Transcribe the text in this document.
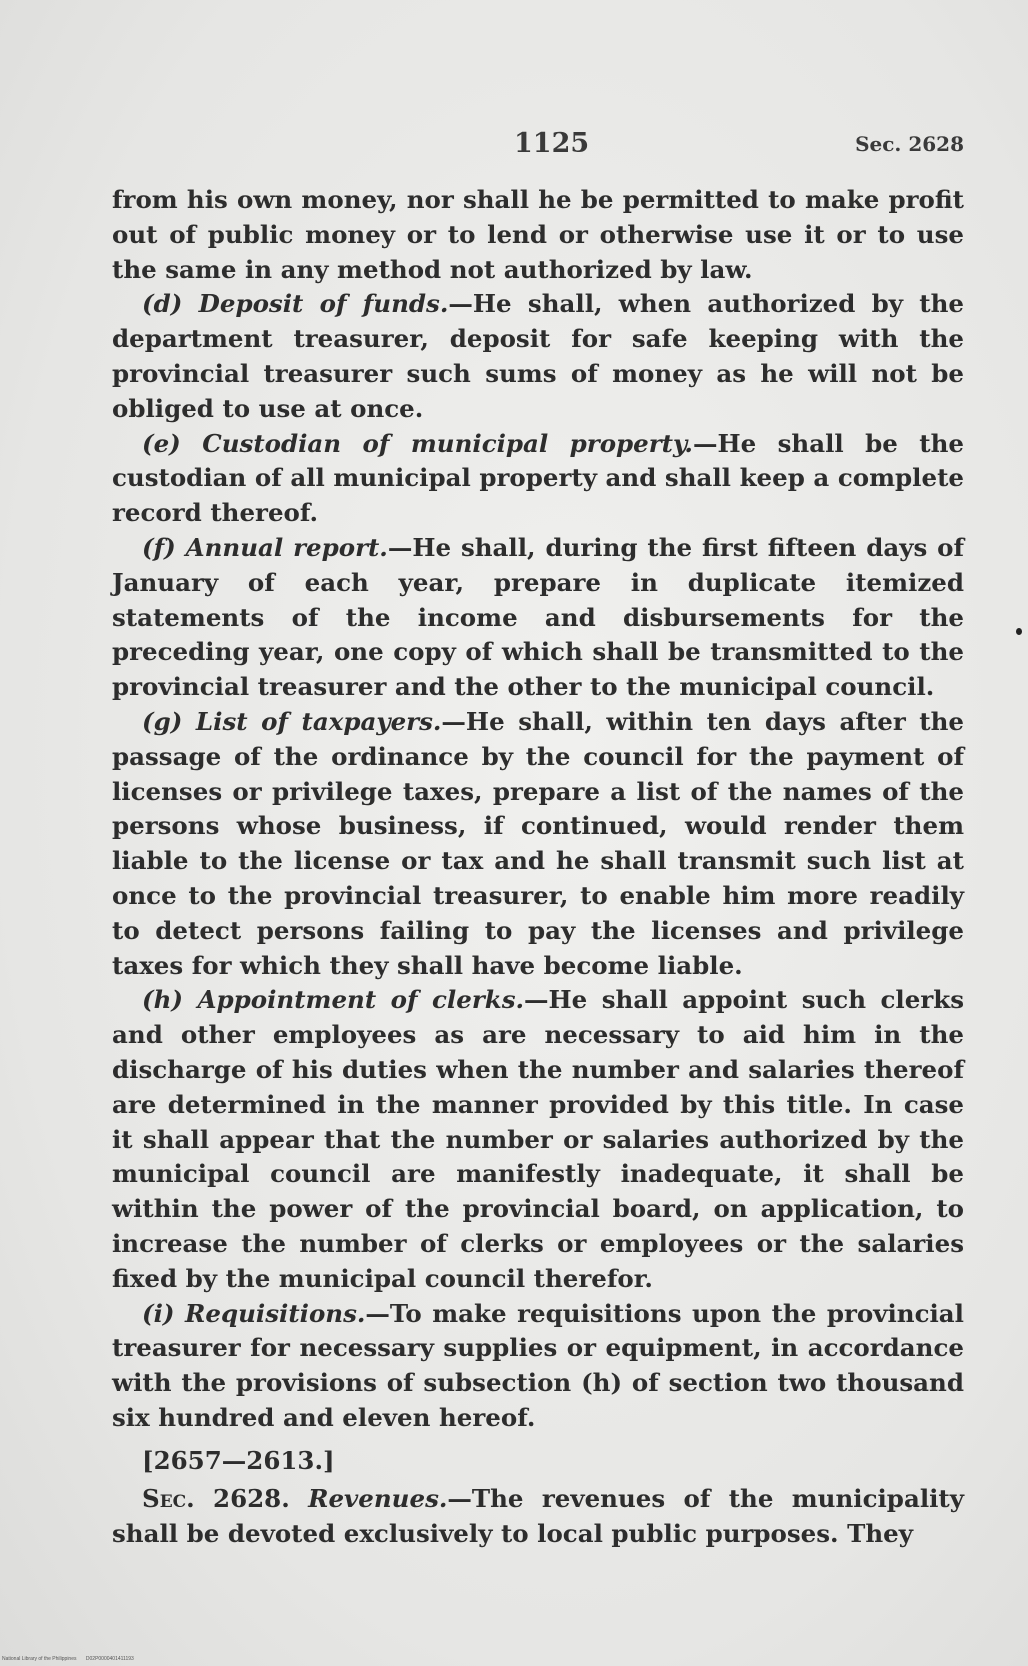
1125	Sec. 2628

from his own money, nor shall he be permitted to make profit out of public money or to lend or otherwise use it or to use the same in any method not authorized by law.

(d) Deposit of funds.—He shall, when authorized by the department treasurer, deposit for safe keeping with the provincial treasurer such sums of money as he will not be obliged to use at once.

(e) Custodian of municipal property.—He shall be the custodian of all municipal property and shall keep a complete record thereof.

(f) Annual report.—He shall, during the first fifteen days of January of each year, prepare in duplicate itemized statements of the income and disbursements for the preceding year, one copy of which shall be transmitted to the provincial treasurer and the other to the municipal council.

(g) List of taxpayers.—He shall, within ten days after the passage of the ordinance by the council for the payment of licenses or privilege taxes, prepare a list of the names of the persons whose business, if continued, would render them liable to the license or tax and he shall transmit such list at once to the provincial treasurer, to enable him more readily to detect persons failing to pay the licenses and privilege taxes for which they shall have become liable.

(h) Appointment of clerks.—He shall appoint such clerks and other employees as are necessary to aid him in the discharge of his duties when the number and salaries thereof are determined in the manner provided by this title. In case it shall appear that the number or salaries authorized by the municipal council are manifestly inadequate, it shall be within the power of the provincial board, on application, to increase the number of clerks or employees or the salaries fixed by the municipal council therefor.

(i) Requisitions.—To make requisitions upon the provincial treasurer for necessary supplies or equipment, in accordance with the provisions of subsection (h) of section two thousand six hundred and eleven hereof.

[2657—2613.]

Sec. 2628. Revenues.—The revenues of the municipality shall be devoted exclusively to local public purposes. They

National Library of the Philippines D02P0000401411193
